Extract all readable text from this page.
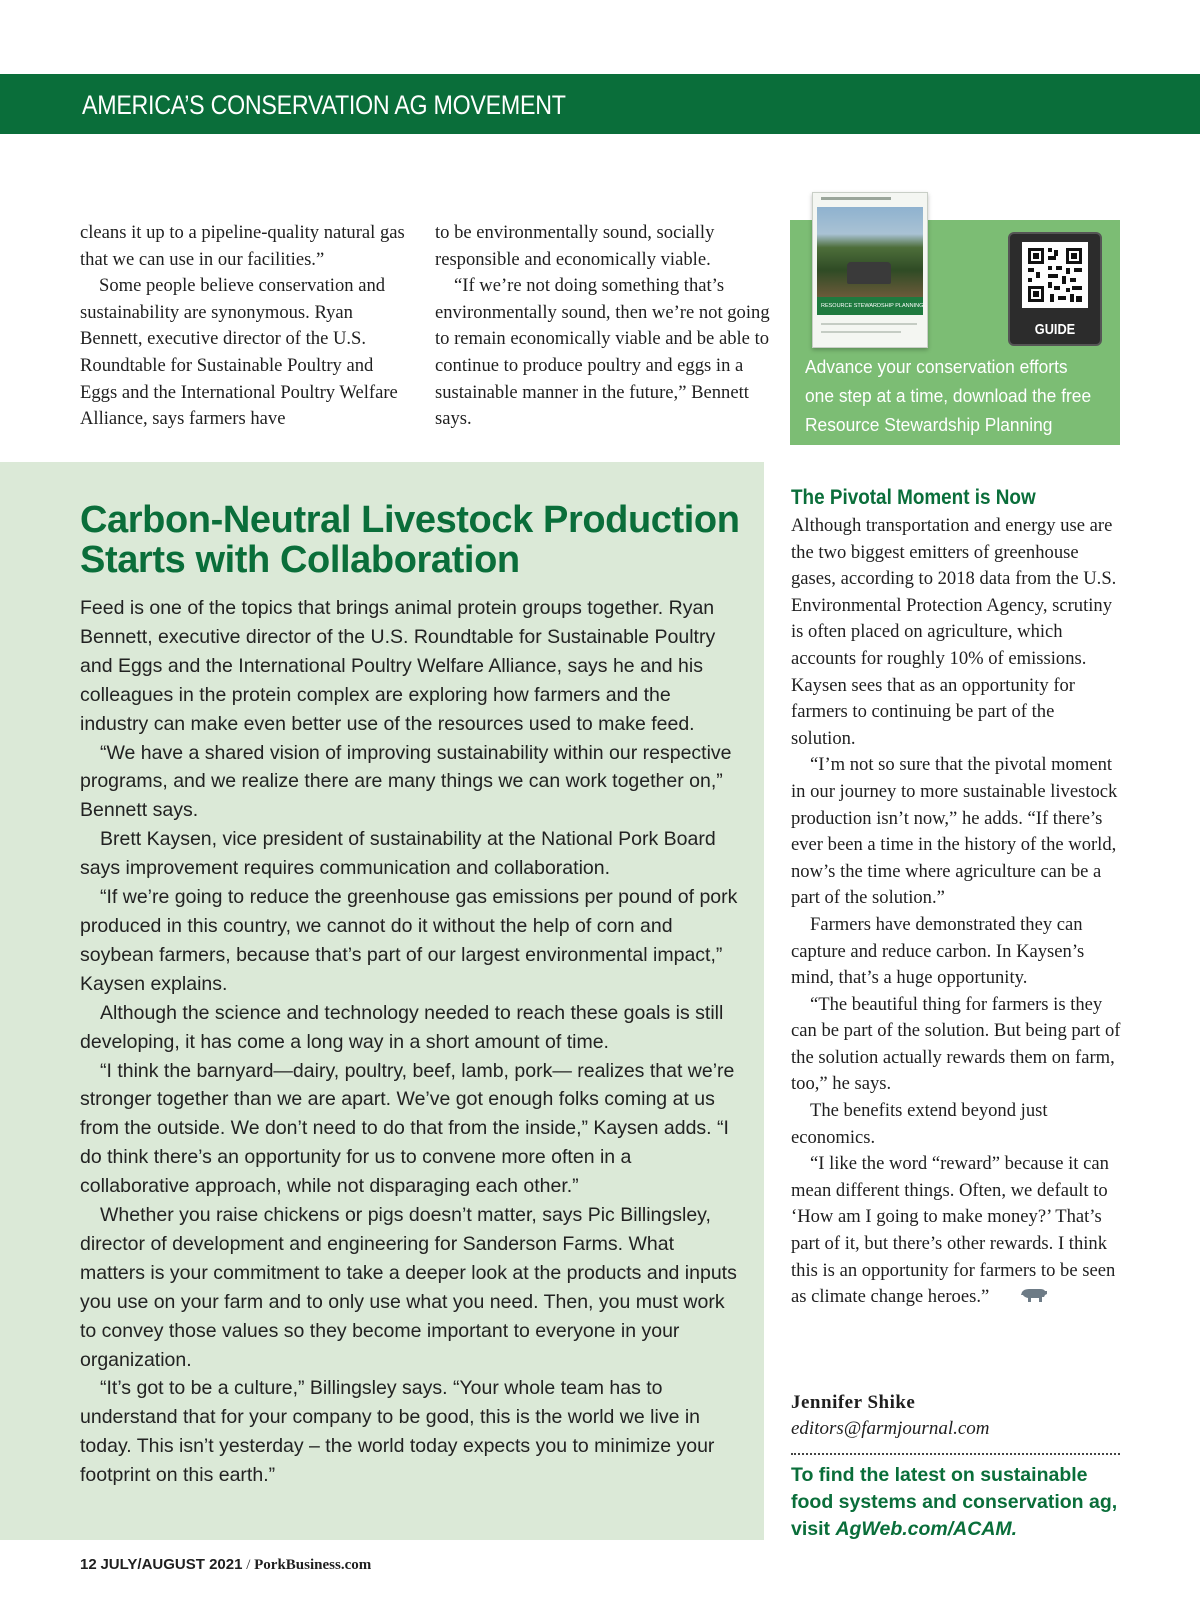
AMERICA’S CONSERVATION AG MOVEMENT

cleans it up to a pipeline-quality natural gas that we can use in our facilities.”

Some people believe conservation and sustainability are synonymous. Ryan Bennett, executive director of the U.S. Roundtable for Sustainable Poultry and Eggs and the International Poultry Welfare Alliance, says farmers have

to be environmentally sound, socially responsible and economically viable.

“If we’re not doing something that’s environmentally sound, then we’re not going to remain economically viable and be able to continue to produce poultry and eggs in a sustainable manner in the future,” Bennett says.

RESOURCE STEWARDSHIP PLANNING
GUIDE
Advance your conservation efforts one step at a time, download the free Resource Stewardship Planning Guide.
Carbon-Neutral Livestock Production Starts with Collaboration

Feed is one of the topics that brings animal protein groups together. Ryan Bennett, executive director of the U.S. Roundtable for Sustainable Poultry and Eggs and the International Poultry Welfare Alliance, says he and his colleagues in the protein complex are exploring how farmers and the industry can make even better use of the resources used to make feed.

“We have a shared vision of improving sustainability within our respective programs, and we realize there are many things we can work together on,” Bennett says.

Brett Kaysen, vice president of sustainability at the National Pork Board says improvement requires communication and collaboration.

“If we’re going to reduce the greenhouse gas emissions per pound of pork produced in this country, we cannot do it without the help of corn and soybean farmers, because that’s part of our largest environmental impact,” Kaysen explains.

Although the science and technology needed to reach these goals is still developing, it has come a long way in a short amount of time.

“I think the barnyard—dairy, poultry, beef, lamb, pork— realizes that we’re stronger together than we are apart. We’ve got enough folks coming at us from the outside. We don’t need to do that from the inside,” Kaysen adds. “I do think there’s an opportunity for us to convene more often in a collaborative approach, while not disparaging each other.”

Whether you raise chickens or pigs doesn’t matter, says Pic Billingsley, director of development and engineering for Sanderson Farms. What matters is your commitment to take a deeper look at the products and inputs you use on your farm and to only use what you need. Then, you must work to convey those values so they become important to everyone in your organization.

“It’s got to be a culture,” Billingsley says. “Your whole team has to understand that for your company to be good, this is the world we live in today. This isn’t yesterday – the world today expects you to minimize your footprint on this earth.”

The Pivotal Moment is Now

Although transportation and energy use are the two biggest emitters of greenhouse gases, according to 2018 data from the U.S. Environmental Protection Agency, scrutiny is often placed on agriculture, which accounts for roughly 10% of emissions. Kaysen sees that as an opportunity for farmers to continuing be part of the solution.

“I’m not so sure that the pivotal moment in our journey to more sustainable livestock production isn’t now,” he adds. “If there’s ever been a time in the history of the world, now’s the time where agriculture can be a part of the solution.”

Farmers have demonstrated they can capture and reduce carbon. In Kaysen’s mind, that’s a huge opportunity.

“The beautiful thing for farmers is they can be part of the solution. But being part of the solution actually rewards them on farm, too,” he says.

The benefits extend beyond just economics.

“I like the word “reward” because it can mean different things. Often, we default to ‘How am I going to make money?’ That’s part of it, but there’s other rewards. I think this is an opportunity for farmers to be seen as climate change heroes.”

Jennifer Shike
editors@farmjournal.com

To find the latest on sustainable food systems and conservation ag, visit AgWeb.com/ACAM.

12 JULY/AUGUST 2021 / PorkBusiness.com
